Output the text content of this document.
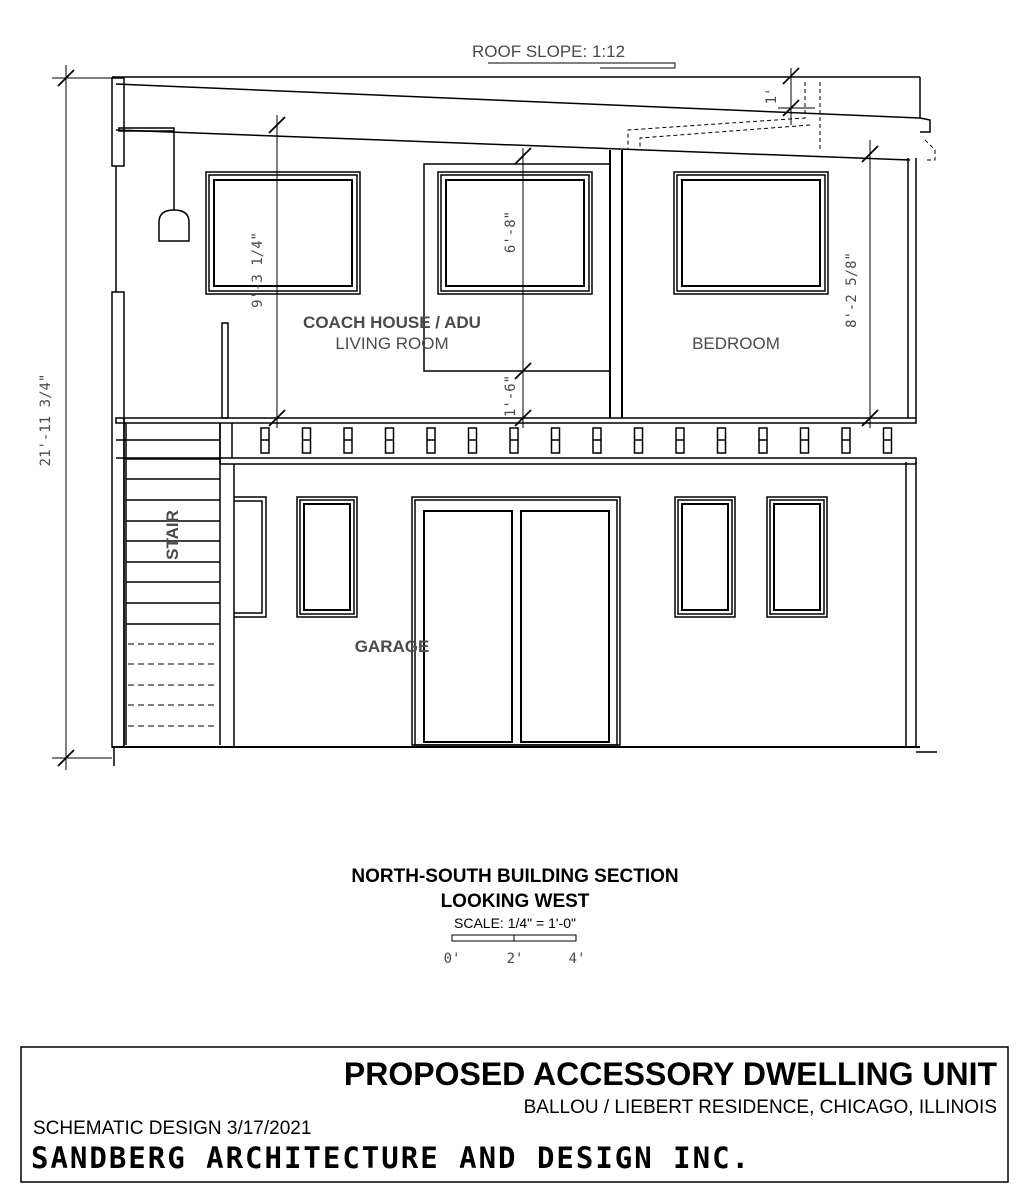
ROOF SLOPE: 1:12
COACH HOUSE / ADU
LIVING ROOM	BEDROOM
STAIR
GARAGE
21'-11 3/4"
9'-3 1/4"
6'-8"
1'-6"
8'-2 5/8"
1'
NORTH-SOUTH BUILDING SECTION
LOOKING WEST
SCALE: 1/4" = 1'-0"
0'	2'	4'
PROPOSED ACCESSORY DWELLING UNIT
BALLOU / LIEBERT RESIDENCE, CHICAGO, ILLINOIS
SCHEMATIC DESIGN 3/17/2021
SANDBERG ARCHITECTURE AND DESIGN INC.
